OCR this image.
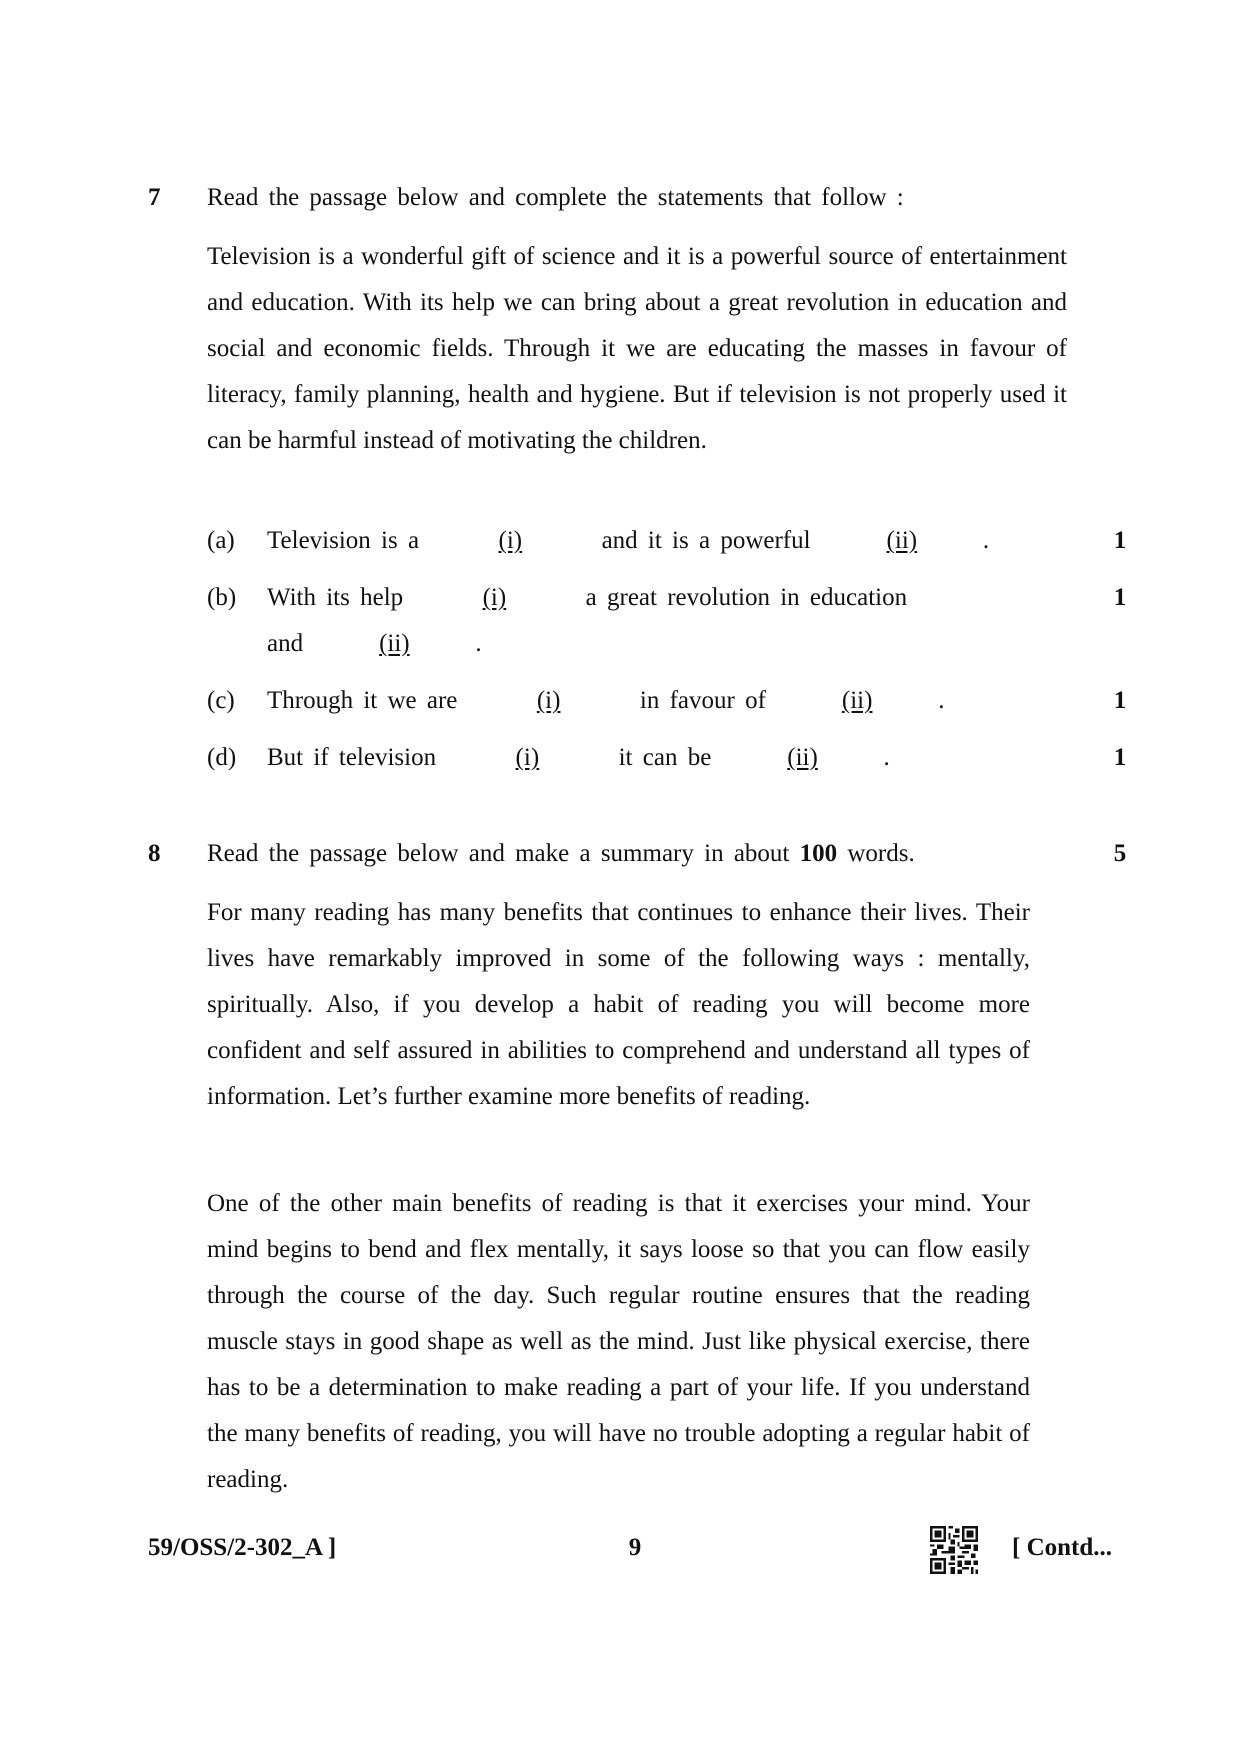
7 Read the passage below and complete the statements that follow :
Television is a wonderful gift of science and it is a powerful source of entertainment and education. With its help we can bring about a great revolution in education and social and economic fields. Through it we are educating the masses in favour of literacy, family planning, health and hygiene. But if television is not properly used it can be harmful instead of motivating the children.
(a) Television is a	(i)	and it is a powerful	(ii)	.	1
(b) With its help	(i)	a great revolution in education	1
and	(ii)	.
(c) Through it we are	(i)	in favour of	(ii)	.	1
(d) But if television	(i)	it can be	(ii)	.	1
8 Read the passage below and make a summary in about 100 words.	5
For many reading has many benefits that continues to enhance their lives. Their lives have remarkably improved in some of the following ways : mentally, spiritually. Also, if you develop a habit of reading you will become more confident and self assured in abilities to comprehend and understand all types of information. Let’s further examine more benefits of reading.
One of the other main benefits of reading is that it exercises your mind. Your mind begins to bend and flex mentally, it says loose so that you can flow easily through the course of the day. Such regular routine ensures that the reading muscle stays in good shape as well as the mind. Just like physical exercise, there has to be a determination to make reading a part of your life. If you understand the many benefits of reading, you will have no trouble adopting a regular habit of reading.
59/OSS/2-302_A ]	9	[ Contd...
